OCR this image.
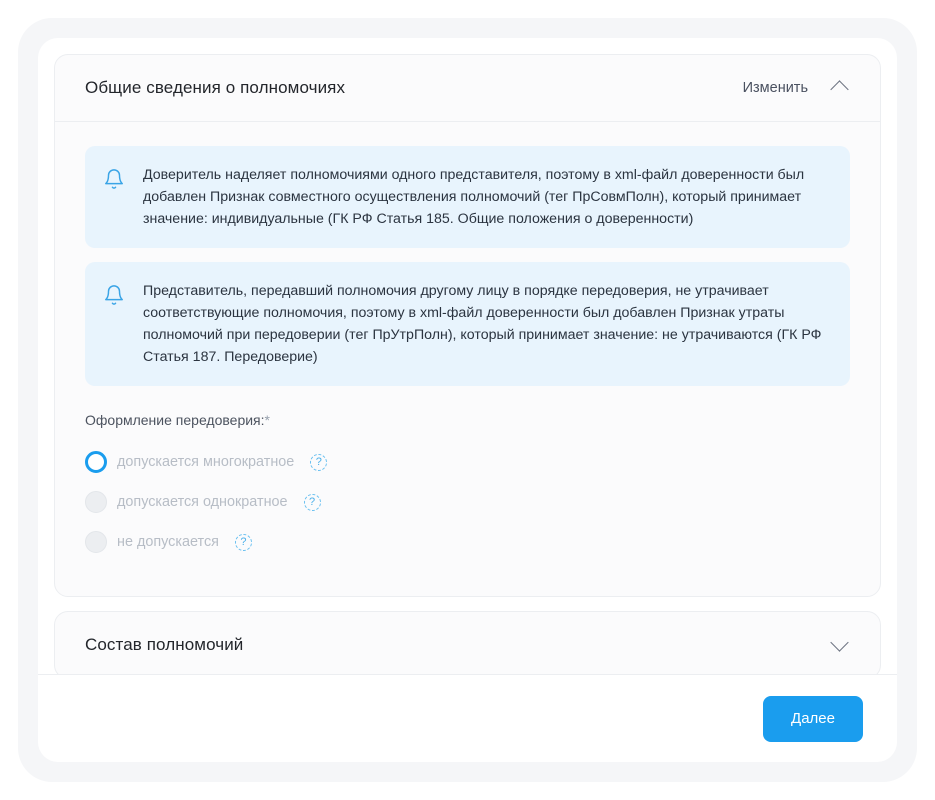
Общие сведения о полномочиях	Изменить
Доверитель наделяет полномочиями одного представителя, поэтому в xml-файл доверенности был добавлен Признак совместного осуществления полномочий (тег ПрСовмПолн), который принимает значение: индивидуальные (ГК РФ Статья 185. Общие положения о доверенности)
Представитель, передавший полномочия другому лицу в порядке передоверия, не утрачивает соответствующие полномочия, поэтому в xml-файл доверенности был добавлен Признак утраты полномочий при передоверии (тег ПрУтрПолн), который принимает значение: не утрачиваются (ГК РФ Статья 187. Передоверие)
Оформление передоверия:*
допускается многократное	?
допускается однократное	?
не допускается	?
Состав полномочий
Далее
